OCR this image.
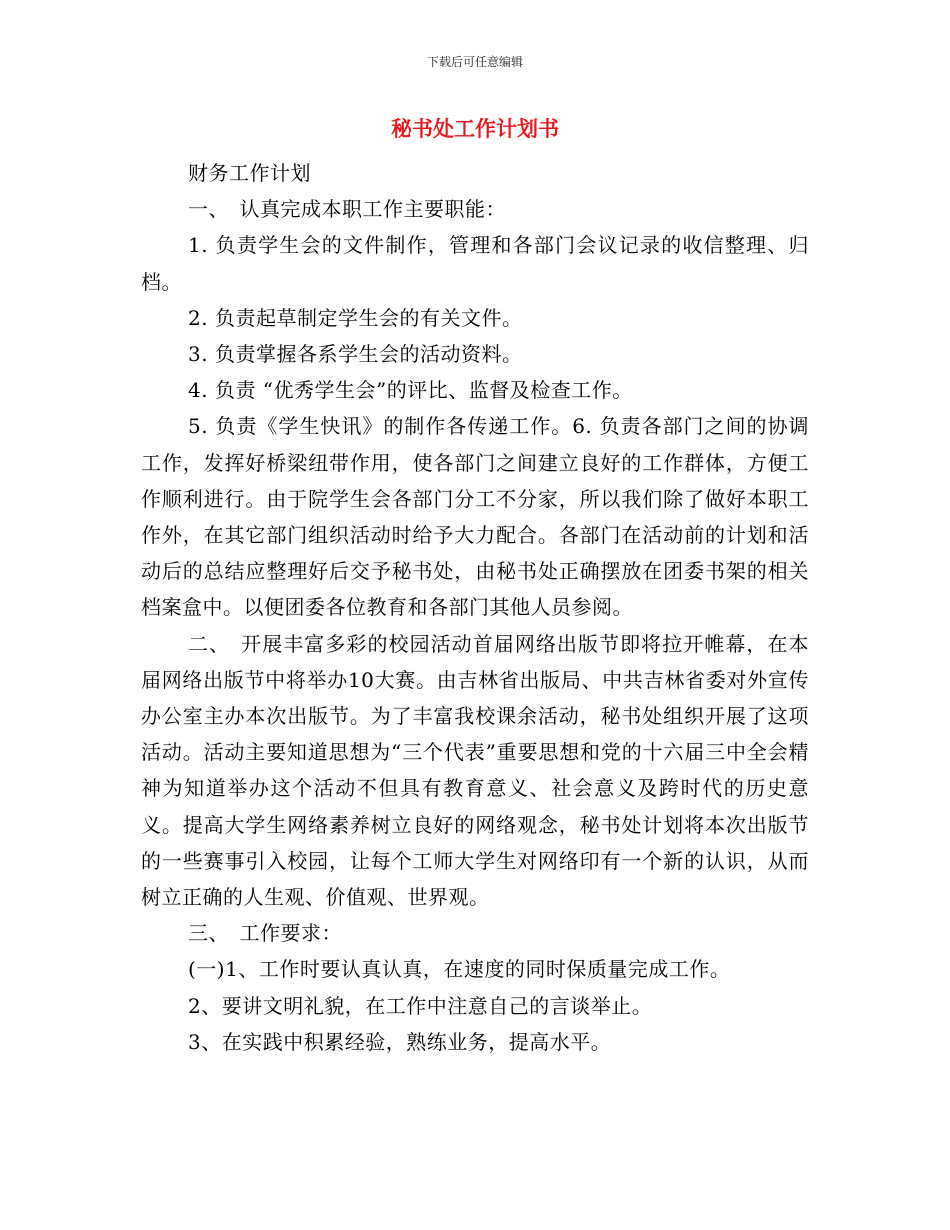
下载后可任意编辑
秘书处工作计划书

财务工作计划

一、　认真完成本职工作主要职能：

1. 负责学生会的文件制作，管理和各部门会议记录的收信整理、归档。

2. 负责起草制定学生会的有关文件。

3. 负责掌握各系学生会的活动资料。

4. 负责 “优秀学生会”的评比、监督及检查工作。

5. 负责《学生快讯》的制作各传递工作。6. 负责各部门之间的协调工作，发挥好桥梁纽带作用，使各部门之间建立良好的工作群体，方便工作顺利进行。由于院学生会各部门分工不分家，所以我们除了做好本职工作外，在其它部门组织活动时给予大力配合。各部门在活动前的计划和活动后的总结应整理好后交予秘书处，由秘书处正确摆放在团委书架的相关档案盒中。以便团委各位教育和各部门其他人员参阅。

二、　开展丰富多彩的校园活动首届网络出版节即将拉开帷幕，在本届网络出版节中将举办10大赛。由吉林省出版局、中共吉林省委对外宣传办公室主办本次出版节。为了丰富我校课余活动，秘书处组织开展了这项活动。活动主要知道思想为“三个代表”重要思想和党的十六届三中全会精神为知道举办这个活动不但具有教育意义、社会意义及跨时代的历史意义。提高大学生网络素养树立良好的网络观念，秘书处计划将本次出版节的一些赛事引入校园，让每个工师大学生对网络印有一个新的认识，从而树立正确的人生观、价值观、世界观。

三、　工作要求：

(一)1、工作时要认真认真，在速度的同时保质量完成工作。

2、要讲文明礼貌，在工作中注意自己的言谈举止。

3、在实践中积累经验，熟练业务，提高水平。
